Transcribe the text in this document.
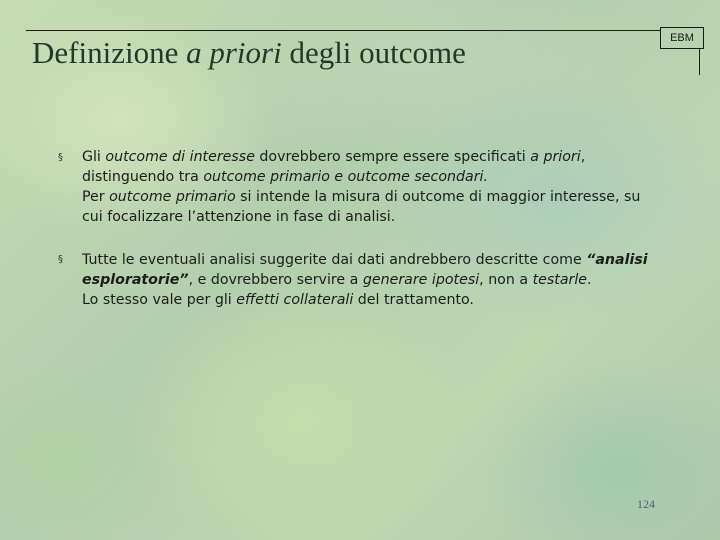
Definizione a priori degli outcome	EBM
§ Gli outcome di interesse dovrebbero sempre essere specificati a priori,
distinguendo tra outcome primario e outcome secondari.
Per outcome primario si intende la misura di outcome di maggior interesse, su
cui focalizzare l’attenzione in fase di analisi.
§ Tutte le eventuali analisi suggerite dai dati andrebbero descritte come “analisi
esploratorie”, e dovrebbero servire a generare ipotesi, non a testarle.
Lo stesso vale per gli effetti collaterali del trattamento.
124
